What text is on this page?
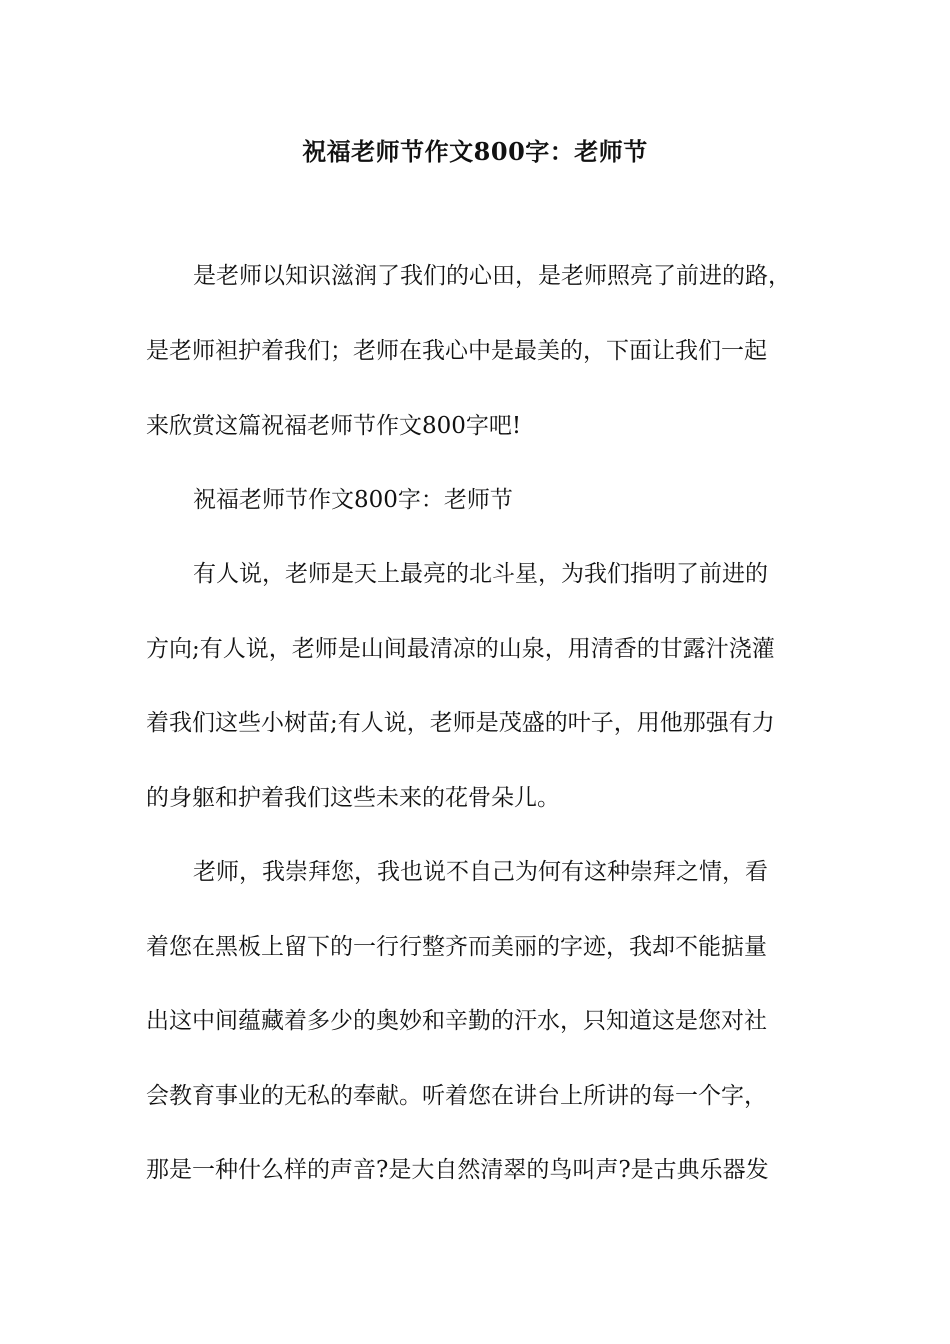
祝福老师节作文800字：老师节
是老师以知识滋润了我们的心田，是老师照亮了前进的路，
是老师袒护着我们；老师在我心中是最美的，下面让我们一起
来欣赏这篇祝福老师节作文800字吧!
祝福老师节作文800字：老师节
有人说，老师是天上最亮的北斗星，为我们指明了前进的
方向;有人说，老师是山间最清凉的山泉，用清香的甘露汁浇灌
着我们这些小树苗;有人说，老师是茂盛的叶子，用他那强有力
的身躯和护着我们这些未来的花骨朵儿。
老师，我崇拜您，我也说不自己为何有这种崇拜之情，看
着您在黑板上留下的一行行整齐而美丽的字迹，我却不能掂量
出这中间蕴藏着多少的奥妙和辛勤的汗水，只知道这是您对社
会教育事业的无私的奉献。听着您在讲台上所讲的每一个字，
那是一种什么样的声音?是大自然清翠的鸟叫声?是古典乐器发
